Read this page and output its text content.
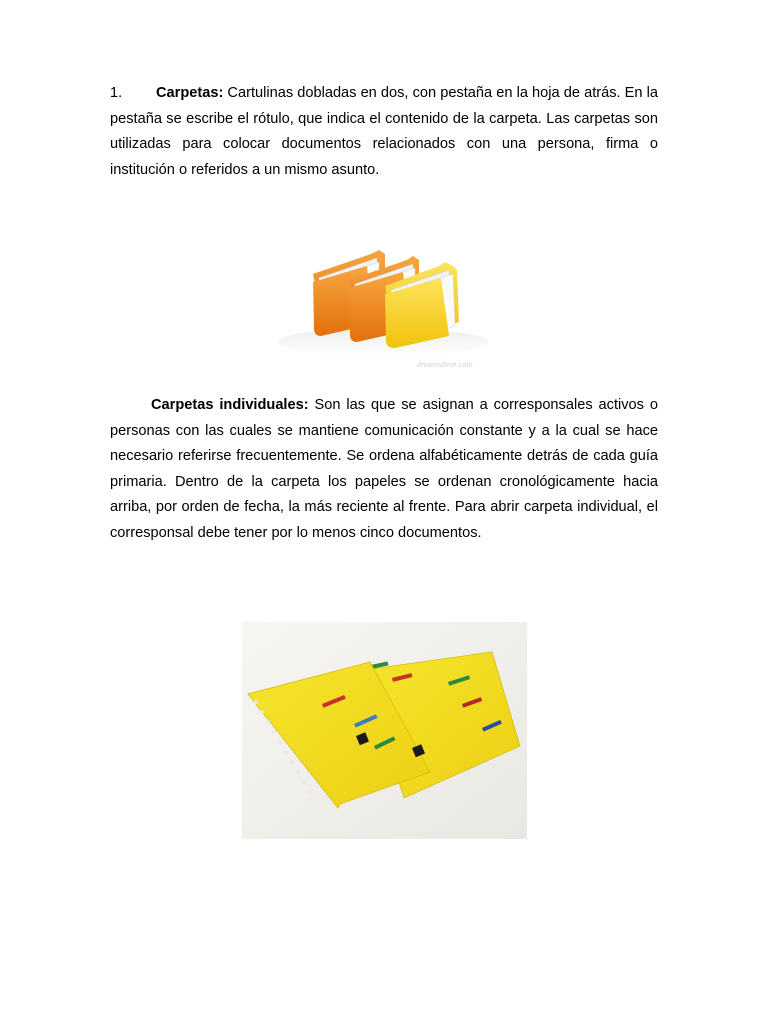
1. Carpetas: Cartulinas dobladas en dos, con pestaña en la hoja de atrás. En la pestaña se escribe el rótulo, que indica el contenido de la carpeta. Las carpetas son utilizadas para colocar documentos relacionados con una persona, firma o institución o referidos a un mismo asunto.

dreamstime.com

Carpetas individuales: Son las que se asignan a corresponsales activos o personas con las cuales se mantiene comunicación constante y a la cual se hace necesario referirse frecuentemente. Se ordena alfabéticamente detrás de cada guía primaria. Dentro de la carpeta los papeles se ordenan cronológicamente hacia arriba, por orden de fecha, la más reciente al frente. Para abrir carpeta individual, el corresponsal debe tener por lo menos cinco documentos.
